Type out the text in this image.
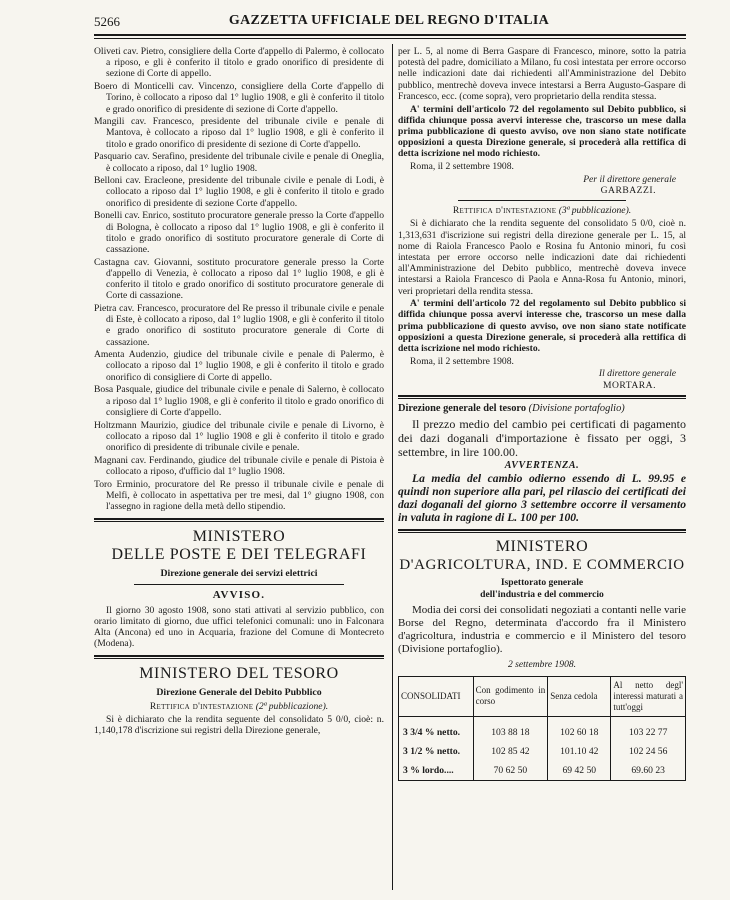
5266	GAZZETTA UFFICIALE DEL REGNO D'ITALIA

Oliveti cav. Pietro, consigliere della Corte d'appello di Palermo, è collocato a riposo, e gli è conferito il titolo e grado onorifico di presidente di sezione di Corte di appello.

Boero di Monticelli cav. Vincenzo, consigliere della Corte d'appello di Torino, è collocato a riposo dal 1° luglio 1908, e gli è conferito il titolo e grado onorifico di presidente di sezione di Corte d'appello.

Mangili cav. Francesco, presidente del tribunale civile e penale di Mantova, è collocato a riposo dal 1° luglio 1908, e gli è conferito il titolo e grado onorifico di presidente di sezione di Corte d'appello.

Pasquario cav. Serafino, presidente del tribunale civile e penale di Oneglia, è collocato a riposo, dal 1° luglio 1908.

Belloni cav. Eracleone, presidente del tribunale civile e penale di Lodi, è collocato a riposo dal 1° luglio 1908, e gli è conferito il titolo e grado onorifico di presidente di sezione Corte d'appello.

Bonelli cav. Enrico, sostituto procuratore generale presso la Corte d'appello di Bologna, è collocato a riposo dal 1° luglio 1908, e gli è conferito il titolo e grado onorifico di sostituto procuratore generale di Corte di cassazione.

Castagna cav. Giovanni, sostituto procuratore generale presso la Corte d'appello di Venezia, è collocato a riposo dal 1° luglio 1908, e gli è conferito il titolo e grado onorifico di sostituto procuratore generale di Corte di cassazione.

Pietra cav. Francesco, procuratore del Re presso il tribunale civile e penale di Este, è collocato a riposo, dal 1° luglio 1908, e gli è conferito il titolo e grado onorifico di sostituto procuratore generale di Corte di cassazione.

Amenta Audenzio, giudice del tribunale civile e penale di Palermo, è collocato a riposo dal 1° luglio 1908, e gli è conferito il titolo e grado onorifico di consigliere di Corte di appello.

Bosa Pasquale, giudice del tribunale civile e penale di Salerno, è collocato a riposo dal 1° luglio 1908, e gli è conferito il titolo e grado onorifico di consigliere di Corte d'appello.

Holtzmann Maurizio, giudice del tribunale civile e penale di Livorno, è collocato a riposo dal 1° luglio 1908 e gli è conferito il titolo e grado onorifico di presidente di tribunale civile e penale.

Magnani cav. Ferdinando, giudice del tribunale civile e penale di Pistoia è collocato a riposo, d'ufficio dal 1° luglio 1908.

Toro Erminio, procuratore del Re presso il tribunale civile e penale di Melfi, è collocato in aspettativa per tre mesi, dal 1° giugno 1908, con l'assegno in ragione della metà dello stipendio.

MINISTERO

DELLE POSTE E DEI TELEGRAFI

Direzione generale dei servizi elettrici

AVVISO.

Il giorno 30 agosto 1908, sono stati attivati al servizio pubblico, con orario limitato di giorno, due uffici telefonici comunali: uno in Falconara Alta (Ancona) ed uno in Acquaria, frazione del Comune di Montecreto (Modena).

MINISTERO DEL TESORO

Direzione Generale del Debito Pubblico

Rettifica d'intestazione (2ª pubblicazione).

Si è dichiarato che la rendita seguente del consolidato 5 0/0, cioè: n. 1,140,178 d'iscrizione sui registri della Direzione generale,

per L. 5, al nome di Berra Gaspare di Francesco, minore, sotto la patria potestà del padre, domiciliato a Milano, fu così intestata per errore occorso nelle indicazioni date dai richiedenti all'Amministrazione del Debito pubblico, mentrechè doveva invece intestarsi a Berra Augusto-Gaspare di Francesco, ecc. (come sopra), vero proprietario della rendita stessa.

A' termini dell'articolo 72 del regolamento sul Debito pubblico, si diffida chiunque possa avervi interesse che, trascorso un mese dalla prima pubblicazione di questo avviso, ove non siano state notificate opposizioni a questa Direzione generale, si procederà alla rettifica di detta iscrizione nel modo richiesto.

Roma, il 2 settembre 1908.

Per il direttore generale

GARBAZZI.

Rettifica d'intestazione (3ª pubblicazione).

Si è dichiarato che la rendita seguente del consolidato 5 0/0, cioè n. 1,313,631 d'iscrizione sui registri della direzione generale per L. 15, al nome di Raiola Francesco Paolo e Rosina fu Antonio minori, fu così intestata per errore occorso nelle indicazioni date dai richiedenti all'Amministrazione del Debito pubblico, mentrechè doveva invece intestarsi a Raiola Francesco di Paola e Anna-Rosa fu Antonio, minori, veri proprietari della rendita stessa.

A' termini dell'articolo 72 del regolamento sul Debito pubblico si diffida chiunque possa avervi interesse che, trascorso un mese dalla prima pubblicazione di questo avviso, ove non siano state notificate opposizioni a questa Direzione generale, si procederà alla rettifica di detta iscrizione nel modo richiesto.

Roma, il 2 settembre 1908.

Il direttore generale

MORTARA.

Direzione generale del tesoro (Divisione portafoglio)

Il prezzo medio del cambio pei certificati di pagamento dei dazi doganali d'importazione è fissato per oggi, 3 settembre, in lire 100.00.

AVVERTENZA.

La media del cambio odierno essendo di L. 99.95 e quindi non superiore alla pari, pel rilascio dei certificati dei dazi doganali del giorno 3 settembre occorre il versamento in valuta in ragione di L. 100 per 100.

MINISTERO

D'AGRICOLTURA, IND. E COMMERCIO

Ispettorato generale

dell'industria e del commercio

Modia dei corsi dei consolidati negoziati a contanti nelle varie Borse del Regno, determinata d'accordo fra il Ministero d'agricoltura, industria e commercio e il Ministero del tesoro (Divisione portafoglio).

2 settembre 1908.

CONSOLIDATI	Con godimento in corso	Senza cedola	Al netto degl' interessi maturati a tutt'oggi
3 3/4 % netto.	103 88 18	102 60 18	103 22 77
3 1/2 % netto.	102 85 42	101.10 42	102 24 56
3 % lordo....	70 62 50	69 42 50	69.60 23
